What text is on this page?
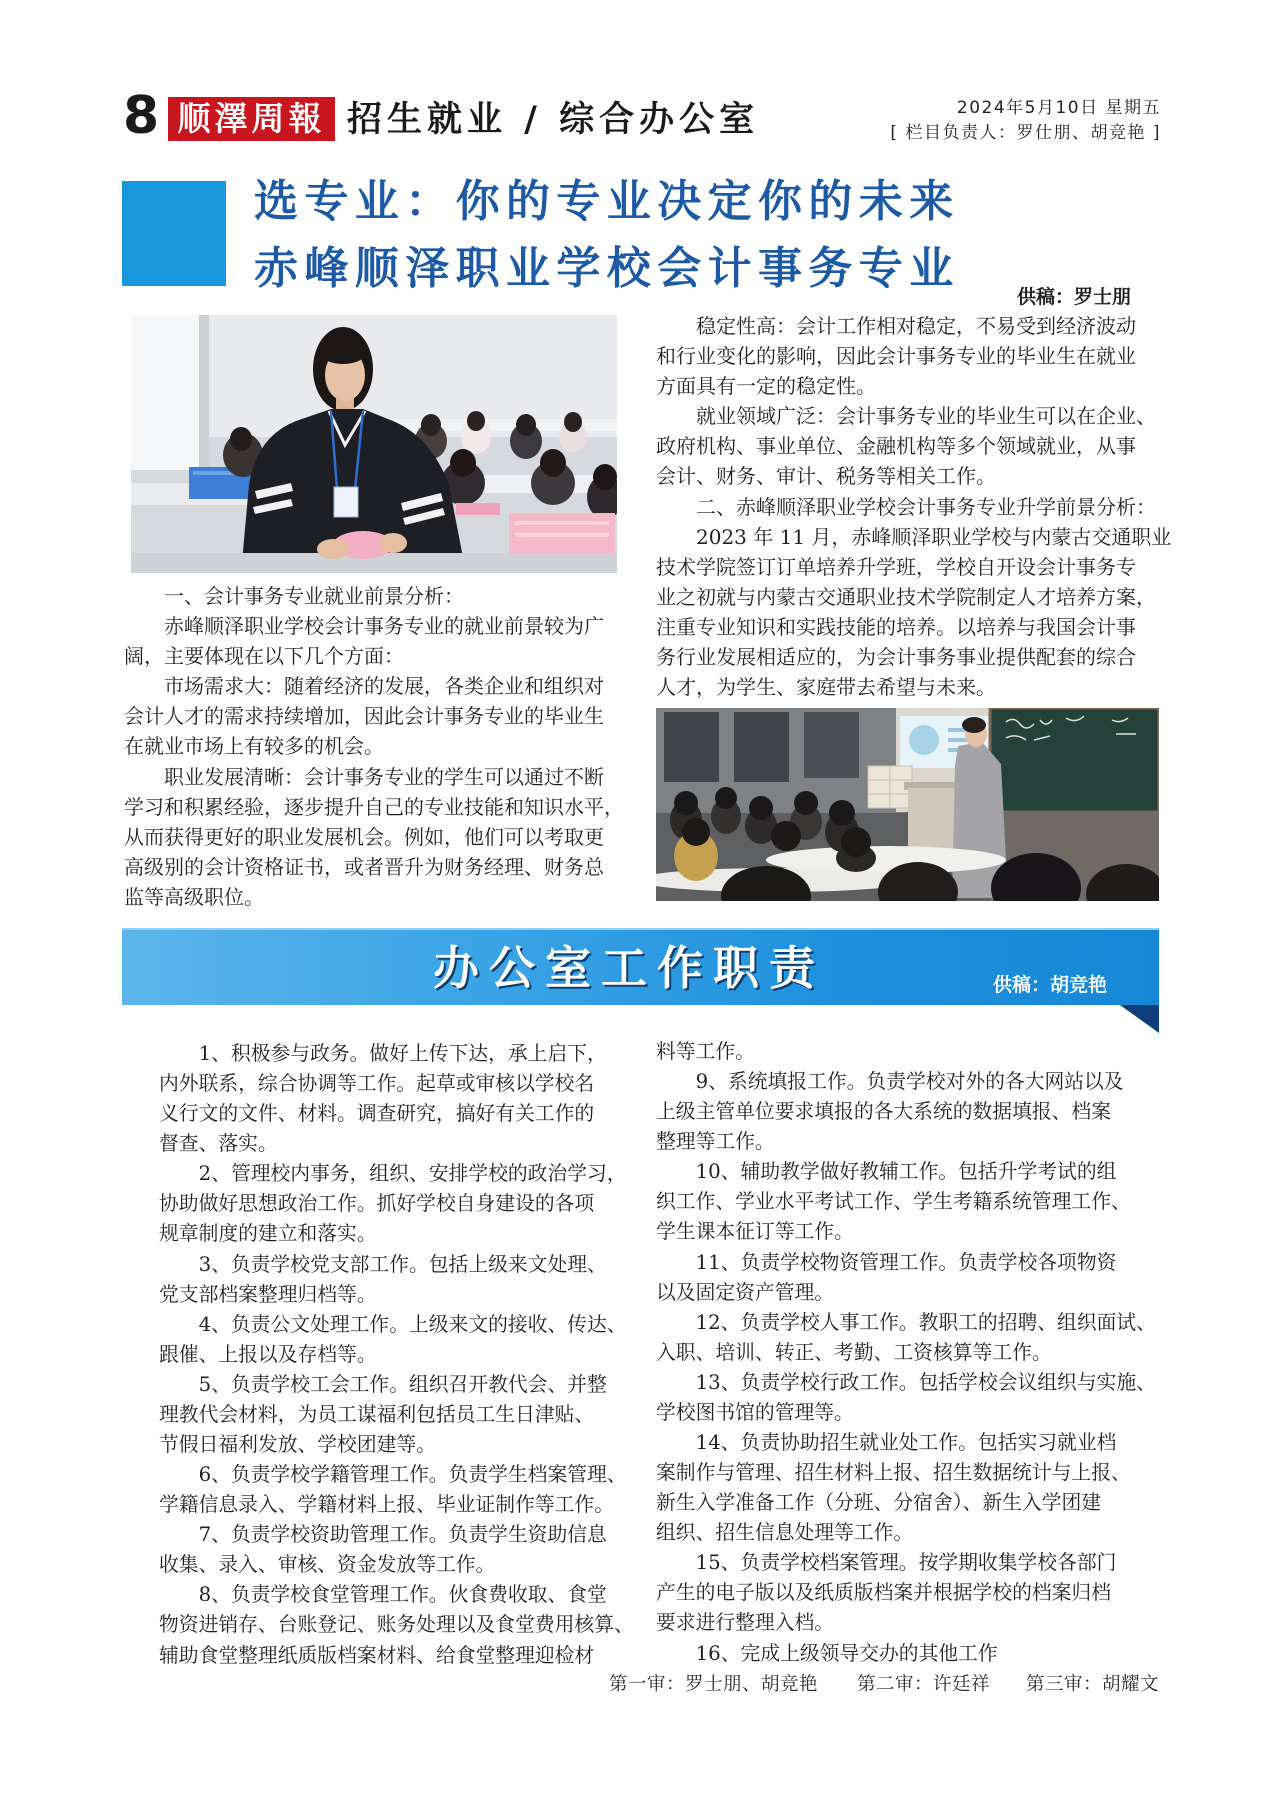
8 顺澤周報 招生就业 / 综合办公室	2024年5月10日 星期五
[ 栏目负责人：罗仕朋、胡竞艳 ]
选专业：你的专业决定你的未来
赤峰顺泽职业学校会计事务专业
供稿：罗士朋
一、会计事务专业就业前景分析：
赤峰顺泽职业学校会计事务专业的就业前景较为广
阔，主要体现在以下几个方面：
市场需求大：随着经济的发展，各类企业和组织对
会计人才的需求持续增加，因此会计事务专业的毕业生
在就业市场上有较多的机会。
职业发展清晰：会计事务专业的学生可以通过不断
学习和积累经验，逐步提升自己的专业技能和知识水平，
从而获得更好的职业发展机会。例如，他们可以考取更
高级别的会计资格证书，或者晋升为财务经理、财务总
监等高级职位。
稳定性高：会计工作相对稳定，不易受到经济波动
和行业变化的影响，因此会计事务专业的毕业生在就业
方面具有一定的稳定性。
就业领域广泛：会计事务专业的毕业生可以在企业、
政府机构、事业单位、金融机构等多个领域就业，从事
会计、财务、审计、税务等相关工作。
二、赤峰顺泽职业学校会计事务专业升学前景分析：
2023 年 11 月，赤峰顺泽职业学校与内蒙古交通职业
技术学院签订订单培养升学班，学校自开设会计事务专
业之初就与内蒙古交通职业技术学院制定人才培养方案，
注重专业知识和实践技能的培养。以培养与我国会计事
务行业发展相适应的，为会计事务事业提供配套的综合
人才，为学生、家庭带去希望与未来。
办公室工作职责	供稿：胡竞艳
1、积极参与政务。做好上传下达，承上启下，
内外联系，综合协调等工作。起草或审核以学校名
义行文的文件、材料。调查研究，搞好有关工作的
督查、落实。
2、管理校内事务，组织、安排学校的政治学习，
协助做好思想政治工作。抓好学校自身建设的各项
规章制度的建立和落实。
3、负责学校党支部工作。包括上级来文处理、
党支部档案整理归档等。
4、负责公文处理工作。上级来文的接收、传达、
跟催、上报以及存档等。
5、负责学校工会工作。组织召开教代会、并整
理教代会材料，为员工谋福利包括员工生日津贴、
节假日福利发放、学校团建等。
6、负责学校学籍管理工作。负责学生档案管理、
学籍信息录入、学籍材料上报、毕业证制作等工作。
7、负责学校资助管理工作。负责学生资助信息
收集、录入、审核、资金发放等工作。
8、负责学校食堂管理工作。伙食费收取、食堂
物资进销存、台账登记、账务处理以及食堂费用核算、
辅助食堂整理纸质版档案材料、给食堂整理迎检材
料等工作。
9、系统填报工作。负责学校对外的各大网站以及
上级主管单位要求填报的各大系统的数据填报、档案
整理等工作。
10、辅助教学做好教辅工作。包括升学考试的组
织工作、学业水平考试工作、学生考籍系统管理工作、
学生课本征订等工作。
11、负责学校物资管理工作。负责学校各项物资
以及固定资产管理。
12、负责学校人事工作。教职工的招聘、组织面试、
入职、培训、转正、考勤、工资核算等工作。
13、负责学校行政工作。包括学校会议组织与实施、
学校图书馆的管理等。
14、负责协助招生就业处工作。包括实习就业档
案制作与管理、招生材料上报、招生数据统计与上报、
新生入学准备工作（分班、分宿舍）、新生入学团建
组织、招生信息处理等工作。
15、负责学校档案管理。按学期收集学校各部门
产生的电子版以及纸质版档案并根据学校的档案归档
要求进行整理入档。
16、完成上级领导交办的其他工作
第一审：罗士朋、胡竞艳 第二审：许廷祥 第三审：胡耀文
